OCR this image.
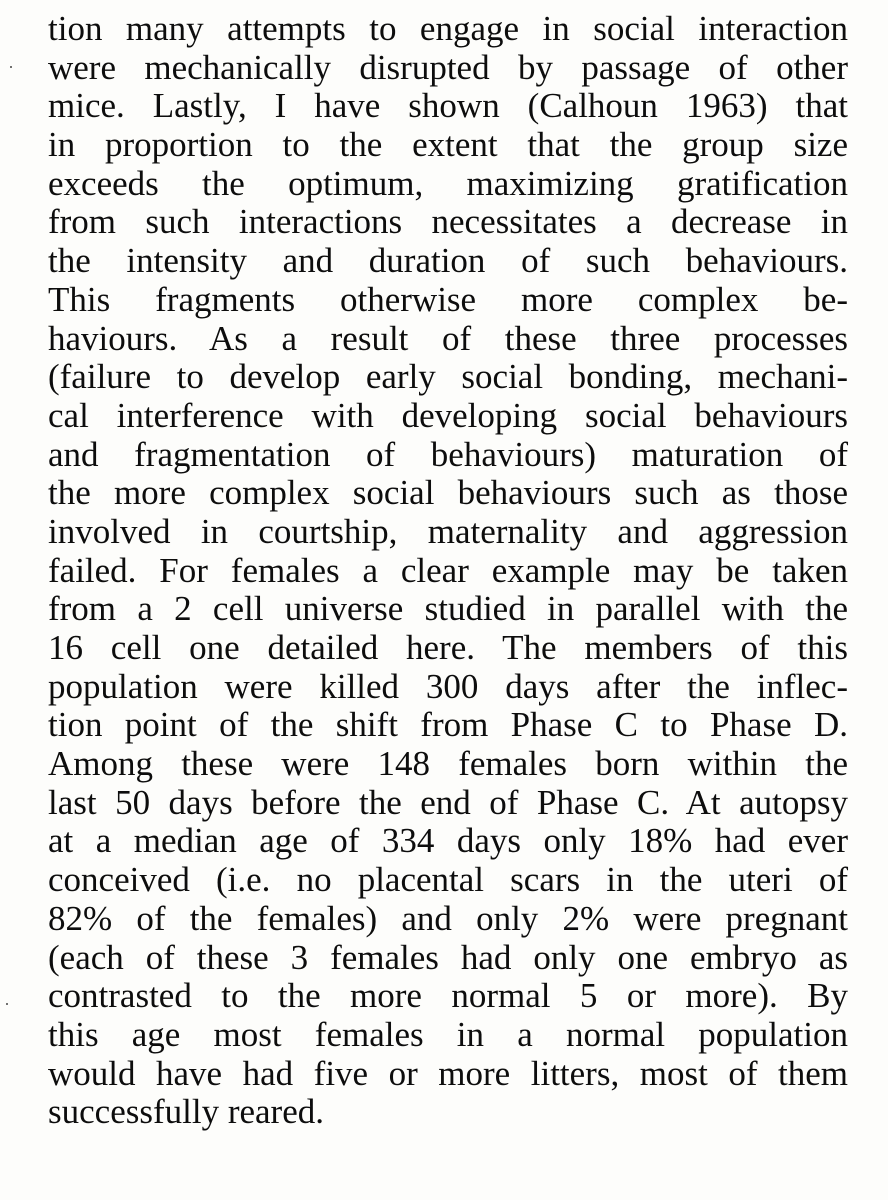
tion many attempts to engage in social interaction
were mechanically disrupted by passage of other
mice. Lastly, I have shown (Calhoun 1963) that
in proportion to the extent that the group size
exceeds the optimum, maximizing gratification
from such interactions necessitates a decrease in
the intensity and duration of such behaviours.
This fragments otherwise more complex be-
haviours. As a result of these three processes
(failure to develop early social bonding, mechani-
cal interference with developing social behaviours
and fragmentation of behaviours) maturation of
the more complex social behaviours such as those
involved in courtship, maternality and aggression
failed. For females a clear example may be taken
from a 2 cell universe studied in parallel with the
16 cell one detailed here. The members of this
population were killed 300 days after the inflec-
tion point of the shift from Phase C to Phase D.
Among these were 148 females born within the
last 50 days before the end of Phase C. At autopsy
at a median age of 334 days only 18% had ever
conceived (i.e. no placental scars in the uteri of
82% of the females) and only 2% were pregnant
(each of these 3 females had only one embryo as
contrasted to the more normal 5 or more). By
this age most females in a normal population
would have had five or more litters, most of them
successfully reared.
